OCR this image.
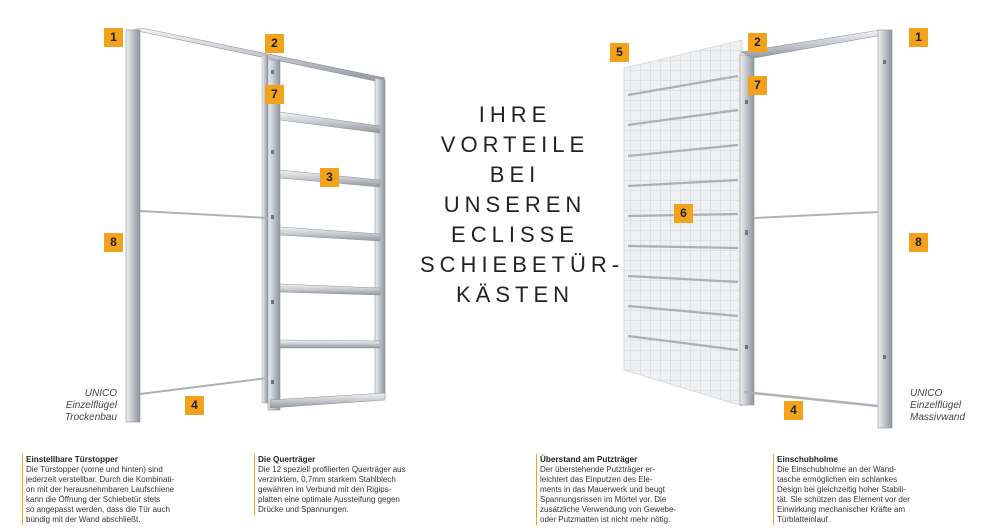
1	2
7
3
8
4
5
2
7
6
1
8
4
IHRE
VORTEILE
BEI
UNSEREN
ECLISSE
SCHIEBETÜR-
KÄSTEN
UNICO
Einzelflügel
Trockenbau
UNICO
Einzelflügel
Massivwand
Einstellbare Türstopper
Die Türstopper (vorne und hinten) sind
jederzeit verstellbar. Durch die Kombinati-
on mit der herausnehmbaren Laufschiene
kann die Öffnung der Schiebetür stets
so angepasst werden, dass die Tür auch
bündig mit der Wand abschließt.
Die Querträger
Die 12 speziell profilierten Querträger aus
verzinktem, 0,7mm starkem Stahlblech
gewähren im Verbund mit den Rigips-
platten eine optimale Aussteifung gegen
Drücke und Spannungen.
Überstand am Putzträger
Der überstehende Putzträger er-
leichtert das Einputzen des Ele-
ments in das Mauerwerk und beugt
Spannungsrissen im Mörtel vor. Die
zusätzliche Verwendung von Gewebe-
oder Putzmatten ist nicht mehr nötig.
Einschubholme
Die Einschubholme an der Wand-
tasche ermöglichen ein schlankes
Design bei gleichzeitig hoher Stabili-
tät. Sie schützen das Element vor der
Einwirkung mechanischer Kräfte am
Türblatteinlauf.
